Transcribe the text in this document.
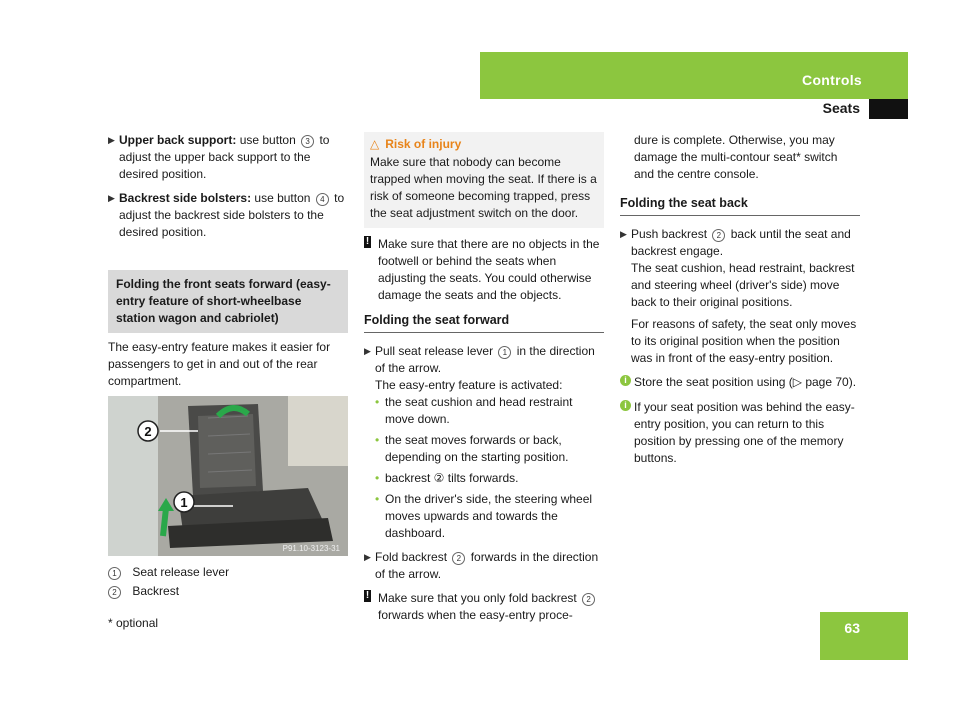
Controls
Seats
▶ Upper back support: use button 3 to adjust the upper back support to the desired position.
▶ Backrest side bolsters: use button 4 to adjust the backrest side bolsters to the desired position.
Folding the front seats forward (easy-entry feature of short-wheelbase station wagon and cabriolet)
The easy-entry feature makes it easier for passengers to get in and out of the rear compartment.
2
1
P91.10-3123-31
1 Seat release lever
2 Backrest
△ Risk of injury
Make sure that nobody can become trapped when moving the seat. If there is a risk of someone becoming trapped, press the seat adjustment switch on the door.
! Make sure that there are no objects in the footwell or behind the seats when adjusting the seats. You could otherwise damage the seats and the objects.
Folding the seat forward
▶ Pull seat release lever 1 in the direction of the arrow.
The easy-entry feature is activated:
• the seat cushion and head restraint move down.
• the seat moves forwards or back, depending on the starting position.
• backrest ② tilts forwards.
• On the driver's side, the steering wheel moves upwards and towards the dashboard.
▶ Fold backrest 2 forwards in the direction of the arrow.
! Make sure that you only fold backrest 2 forwards when the easy-entry proce-
dure is complete. Otherwise, you may damage the multi-contour seat* switch and the centre console.
Folding the seat back
▶ Push backrest 2 back until the seat and backrest engage.
The seat cushion, head restraint, backrest and steering wheel (driver's side) move back to their original positions.
For reasons of safety, the seat only moves to its original position when the position was in front of the easy-entry position.
i Store the seat position using (▷ page 70).
i If your seat position was behind the easy-entry position, you can return to this position by pressing one of the memory buttons.
* optional	63
